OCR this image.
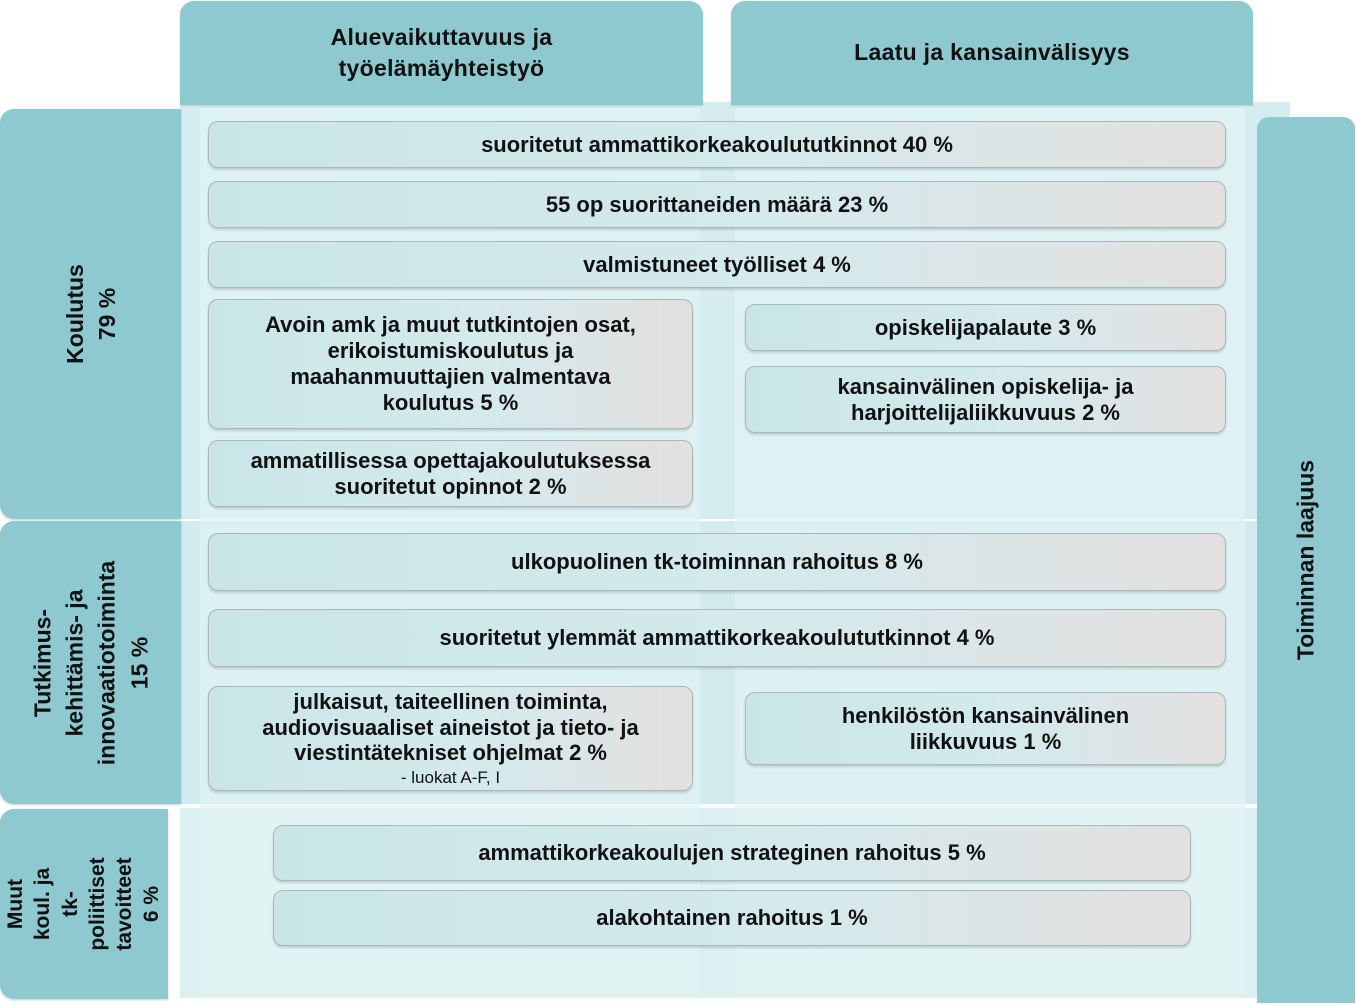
Aluevaikuttavuus ja
työelämäyhteistyö
Laatu ja kansainvälisyys
Koulutus
79 %
Tutkimus-
kehittämis- ja
innovaatiotoiminta
15 %
Muut koul. ja
tk-poliittiset
tavoitteet
6 %
Toiminnan laajuus
suoritetut ammattikorkeakoulututkinnot 40 %
55 op suorittaneiden määrä 23 %
valmistuneet työlliset 4 %
Avoin amk ja muut tutkintojen osat,
erikoistumiskoulutus ja
maahanmuuttajien valmentava
koulutus 5 %
opiskelijapalaute 3 %
kansainvälinen opiskelija- ja
harjoittelijaliikkuvuus 2 %
ammatillisessa opettajakoulutuksessa
suoritetut opinnot 2 %
ulkopuolinen tk-toiminnan rahoitus 8 %
suoritetut ylemmät ammattikorkeakoulututkinnot 4 %
julkaisut, taiteellinen toiminta,
audiovisuaaliset aineistot ja tieto- ja
viestintätekniset ohjelmat 2 %
- luokat A-F, I
henkilöstön kansainvälinen
liikkuvuus 1 %
ammattikorkeakoulujen strateginen rahoitus 5 %
alakohtainen rahoitus 1 %
